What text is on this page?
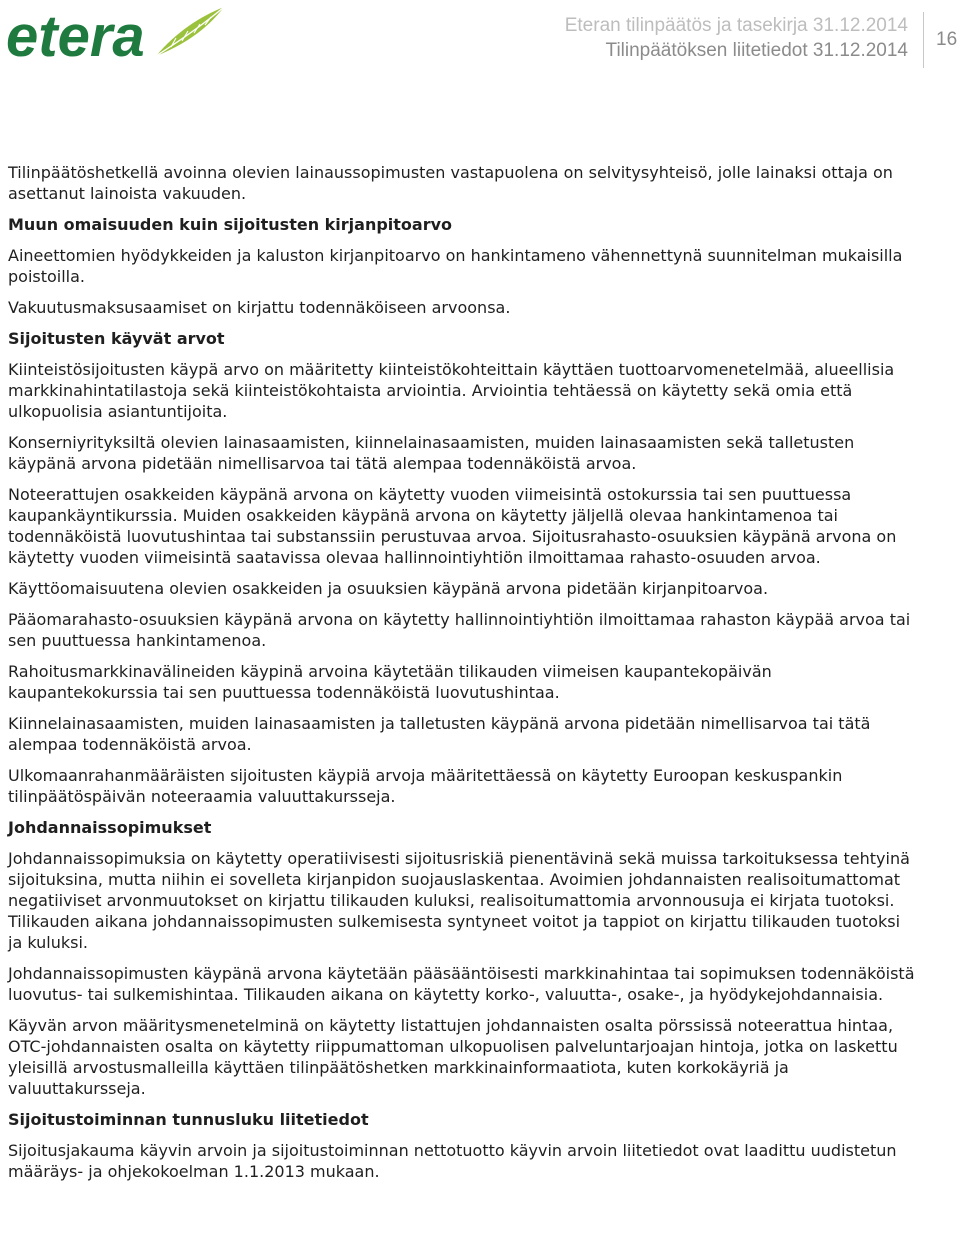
etera	Eteran tilinpäätös ja tasekirja 31.12.2014
Tilinpäätöksen liitetiedot 31.12.2014
16

Tilinpäätöshetkellä avoinna olevien lainaussopimusten vastapuolena on selvitysyhteisö, jolle lainaksi ottaja on asettanut lainoista vakuuden.

Muun omaisuuden kuin sijoitusten kirjanpitoarvo

Aineettomien hyödykkeiden ja kaluston kirjanpitoarvo on hankintameno vähennettynä suunnitelman mukaisilla poistoilla.

Vakuutusmaksusaamiset on kirjattu todennäköiseen arvoonsa.

Sijoitusten käyvät arvot

Kiinteistösijoitusten käypä arvo on määritetty kiinteistökohteittain käyttäen tuottoarvomenetelmää, alueellisia markkinahintatilastoja sekä kiinteistökohtaista arviointia. Arviointia tehtäessä on käytetty sekä omia että ulkopuolisia asiantuntijoita.

Konserniyrityksiltä olevien lainasaamisten, kiinnelainasaamisten, muiden lainasaamisten sekä talletusten käypänä arvona pidetään nimellisarvoa tai tätä alempaa todennäköistä arvoa.

Noteerattujen osakkeiden käypänä arvona on käytetty vuoden viimeisintä ostokurssia tai sen puuttuessa kaupankäyntikurssia. Muiden osakkeiden käypänä arvona on käytetty jäljellä olevaa hankintamenoa tai todennäköistä luovutushintaa tai substanssiin perustuvaa arvoa. Sijoitusrahasto-osuuksien käypänä arvona on käytetty vuoden viimeisintä saatavissa olevaa hallinnointiyhtiön ilmoittamaa rahasto-osuuden arvoa.

Käyttöomaisuutena olevien osakkeiden ja osuuksien käypänä arvona pidetään kirjanpitoarvoa.

Pääomarahasto-osuuksien käypänä arvona on käytetty hallinnointiyhtiön ilmoittamaa rahaston käypää arvoa tai sen puuttuessa hankintamenoa.

Rahoitusmarkkinavälineiden käypinä arvoina käytetään tilikauden viimeisen kaupantekopäivän kaupantekokurssia tai sen puuttuessa todennäköistä luovutushintaa.

Kiinnelainasaamisten, muiden lainasaamisten ja talletusten käypänä arvona pidetään nimellisarvoa tai tätä alempaa todennäköistä arvoa.

Ulkomaanrahanmääräisten sijoitusten käypiä arvoja määritettäessä on käytetty Euroopan keskuspankin tilinpäätöspäivän noteeraamia valuuttakursseja.

Johdannaissopimukset

Johdannaissopimuksia on käytetty operatiivisesti sijoitusriskiä pienentävinä sekä muissa tarkoituksessa tehtyinä sijoituksina, mutta niihin ei sovelleta kirjanpidon suojauslaskentaa. Avoimien johdannaisten realisoitumattomat negatiiviset arvonmuutokset on kirjattu tilikauden kuluksi, realisoitumattomia arvonnousuja ei kirjata tuotoksi. Tilikauden aikana johdannaissopimusten sulkemisesta syntyneet voitot ja tappiot on kirjattu tilikauden tuotoksi ja kuluksi.

Johdannaissopimusten käypänä arvona käytetään pääsääntöisesti markkinahintaa tai sopimuksen todennäköistä luovutus- tai sulkemishintaa. Tilikauden aikana on käytetty korko-, valuutta-, osake-, ja hyödykejohdannaisia.

Käyvän arvon määritysmenetelminä on käytetty listattujen johdannaisten osalta pörssissä noteerattua hintaa, OTC-johdannaisten osalta on käytetty riippumattoman ulkopuolisen palveluntarjoajan hintoja, jotka on laskettu yleisillä arvostusmalleilla käyttäen tilinpäätöshetken markkinainformaatiota, kuten korkokäyriä ja valuuttakursseja.

Sijoitustoiminnan tunnusluku liitetiedot

Sijoitusjakauma käyvin arvoin ja sijoitustoiminnan nettotuotto käyvin arvoin liitetiedot ovat laadittu uudistetun määräys- ja ohjekokoelman 1.1.2013 mukaan.
